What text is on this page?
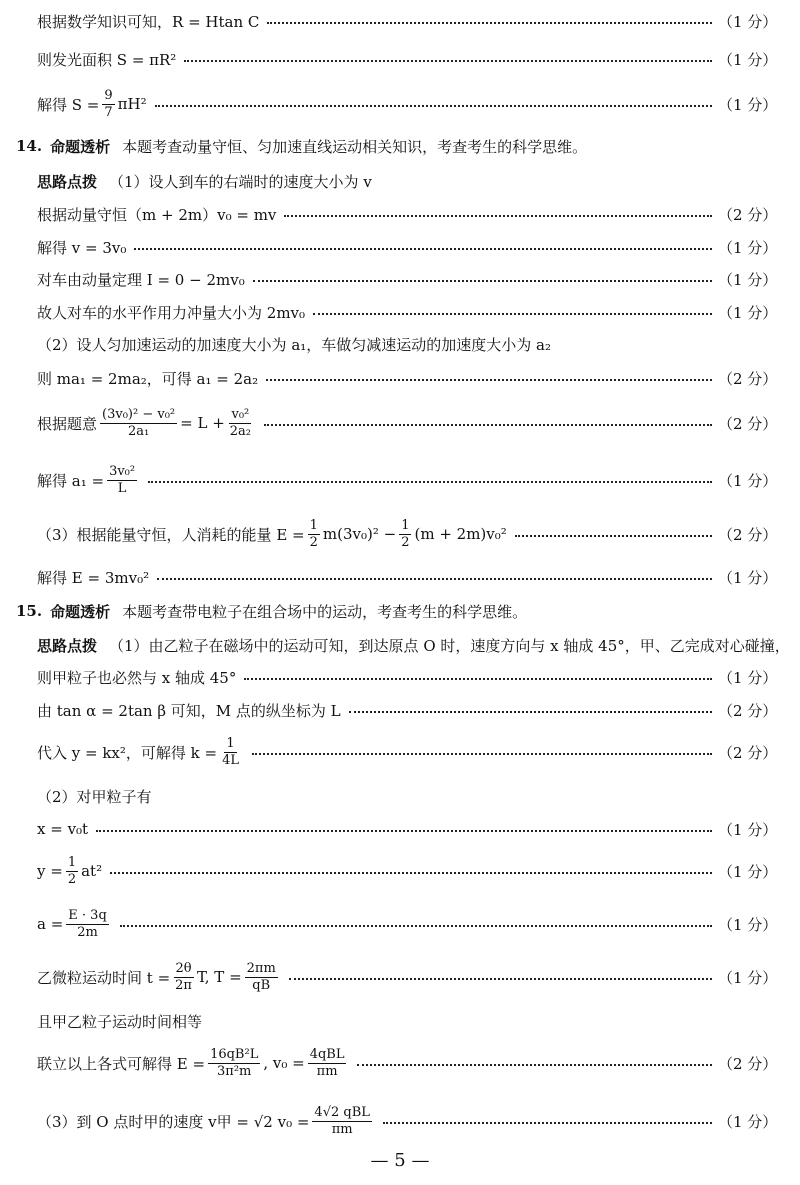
根据数学知识可知，R = Htan C	（1 分）
则发光面积 S = πR²	（1 分）
解得 $S = \frac{9}{7} \pi H^2$	（1 分）
14. 命题透析 本题考查动量守恒、匀加速直线运动相关知识，考查考生的科学思维。
思路点拨 （1）设人到车的右端时的速度大小为 v
根据动量守恒（m + 2m）v₀ = mv	（2 分）
解得 v = 3v₀	（1 分）
对车由动量定理 I = 0 − 2mv₀	（1 分）
故人对车的水平作用力冲量大小为 2mv₀	（1 分）
（2）设人匀加速运动的加速度大小为 a₁，车做匀减速运动的加速度大小为 a₂
则 ma₁ = 2ma₂，可得 a₁ = 2a₂	（2 分）
根据题意 $\frac{\text{(3v₀)² − v₀²}}{\text{2a₁}} = L + \frac{\text{v₀²}}{\text{2a₂}}$	（2 分）
解得 $a_1 = \frac{\text{3v₀²}}{L}$	（1 分）
（3）根据能量守恒，人消耗的能量 $E = \frac{1}{2} m(3v_0)^2 - \frac{1}{2} (m + 2m)v_0^2$	（2 分）
解得 E = 3mv₀²	（1 分）
15. 命题透析 本题考查带电粒子在组合场中的运动，考查考生的科学思维。
思路点拨 （1）由乙粒子在磁场中的运动可知，到达原点 O 时，速度方向与 x 轴成 45°，甲、乙完成对心碰撞，
则甲粒子也必然与 x 轴成 45°	（1 分）
由 tan α = 2tan β 可知，M 点的纵坐标为 L	（2 分）
代入 y = kx²，可解得 $k = \frac{1}{4L}$	（2 分）
（2）对甲粒子有
x = v₀t	（1 分）
$y = \frac{1}{2} at^2$	（1 分）
$a = \frac{E \cdot 3q}{2m}$	（1 分）
乙微粒运动时间 $t = \frac{2\theta}{2\pi} T$, $T = \frac{2\pi m}{qB}$	（1 分）
且甲乙粒子运动时间相等
联立以上各式可解得 $E = \frac{\text{16qB²L}}{\text{3π²m}}$ , $v_0 = \frac{\text{4qBL}}{\pi m}$	（2 分）
（3）到 O 点时甲的速度 v甲 = √2 $v_0 = \frac{\text{4√2 qBL}}{\pi m}$	（1 分）
— 5 —
